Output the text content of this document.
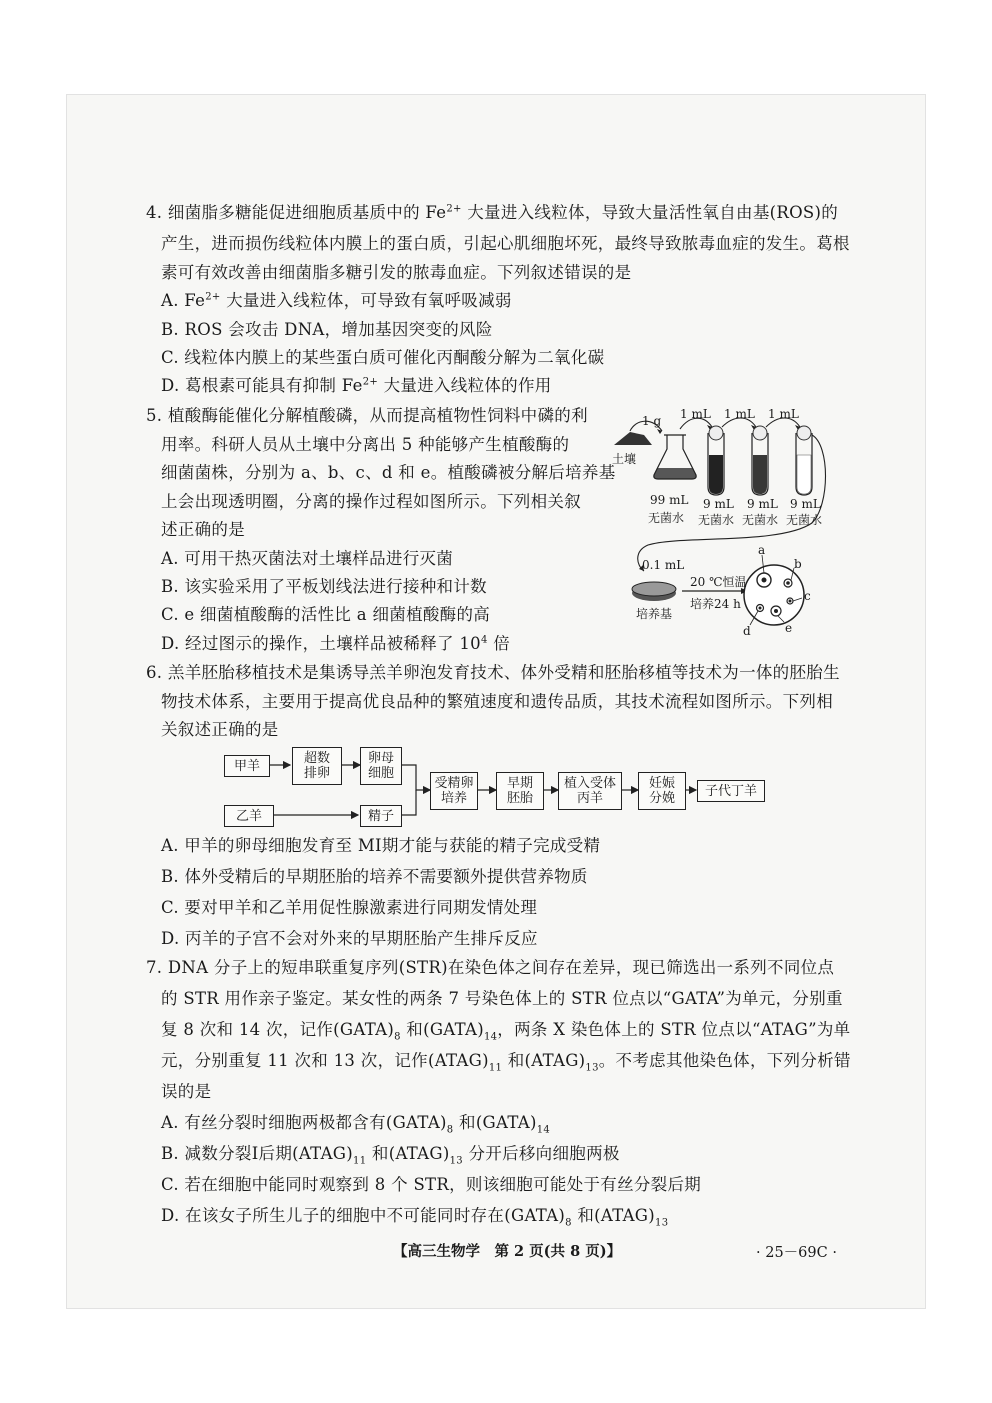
4. 细菌脂多糖能促进细胞质基质中的 $Fe^{2+}$ 大量进入线粒体，导致大量活性氧自由基(ROS)的
产生，进而损伤线粒体内膜上的蛋白质，引起心肌细胞坏死，最终导致脓毒血症的发生。葛根
素可有效改善由细菌脂多糖引发的脓毒血症。下列叙述错误的是
A. $Fe^{2+}$ 大量进入线粒体，可导致有氧呼吸减弱
B. ROS 会攻击 DNA，增加基因突变的风险
C. 线粒体内膜上的某些蛋白质可催化丙酮酸分解为二氧化碳
D. 葛根素可能具有抑制 $Fe^{2+}$ 大量进入线粒体的作用
5. 植酸酶能催化分解植酸磷，从而提高植物性饲料中磷的利
用率。科研人员从土壤中分离出 5 种能够产生植酸酶的
细菌菌株，分别为 a、b、c、d 和 e。植酸磷被分解后培养基
上会出现透明圈，分离的操作过程如图所示。下列相关叙
述正确的是
A. 可用干热灭菌法对土壤样品进行灭菌
B. 该实验采用了平板划线法进行接种和计数
C. e 细菌植酸酶的活性比 a 细菌植酸酶的高
D. 经过图示的操作，土壤样品被稀释了 $10^4$ 倍
土壤
1 g 1 mL 1 mL 1 mL
99 mL
无菌水
9 mL
无菌水
9 mL
无菌水
9 mL
无菌水
0.1 mL
培养基
20 ℃恒温
培养24 h
a
b
c
d	e
6. 羔羊胚胎移植技术是集诱导羔羊卵泡发育技术、体外受精和胚胎移植等技术为一体的胚胎生
物技术体系，主要用于提高优良品种的繁殖速度和遗传品质，其技术流程如图所示。下列相
关叙述正确的是
甲羊	超数
排卵
卵母
细胞
乙羊	精子
受精卵
培养
早期
胚胎
植入受体
丙羊
妊娠
分娩 子代丁羊
A. 甲羊的卵母细胞发育至 MⅠ期才能与获能的精子完成受精
B. 体外受精后的早期胚胎的培养不需要额外提供营养物质
C. 要对甲羊和乙羊用促性腺激素进行同期发情处理
D. 丙羊的子宫不会对外来的早期胚胎产生排斥反应
7. DNA 分子上的短串联重复序列(STR)在染色体之间存在差异，现已筛选出一系列不同位点
的 STR 用作亲子鉴定。某女性的两条 7 号染色体上的 STR 位点以“GATA”为单元，分别重
复 8 次和 14 次，记作$(GATA)_8$ 和$(GATA)_{14}$，两条 X 染色体上的 STR 位点以“ATAG”为单
元，分别重复 11 次和 13 次，记作$(ATAG)_{11}$ 和$(ATAG)_{13}$。不考虑其他染色体，下列分析错
误的是
A. 有丝分裂时细胞两极都含有$(GATA)_8$ 和$(GATA)_{14}$
B. 减数分裂Ⅰ后期$(ATAG)_{11}$ 和$(ATAG)_{13}$ 分开后移向细胞两极
C. 若在细胞中能同时观察到 8 个 STR，则该细胞可能处于有丝分裂后期
D. 在该女子所生儿子的细胞中不可能同时存在$(GATA)_8$ 和$(ATAG)_{13}$
【高三生物学　第 2 页(共 8 页)】	· 25－69C ·
